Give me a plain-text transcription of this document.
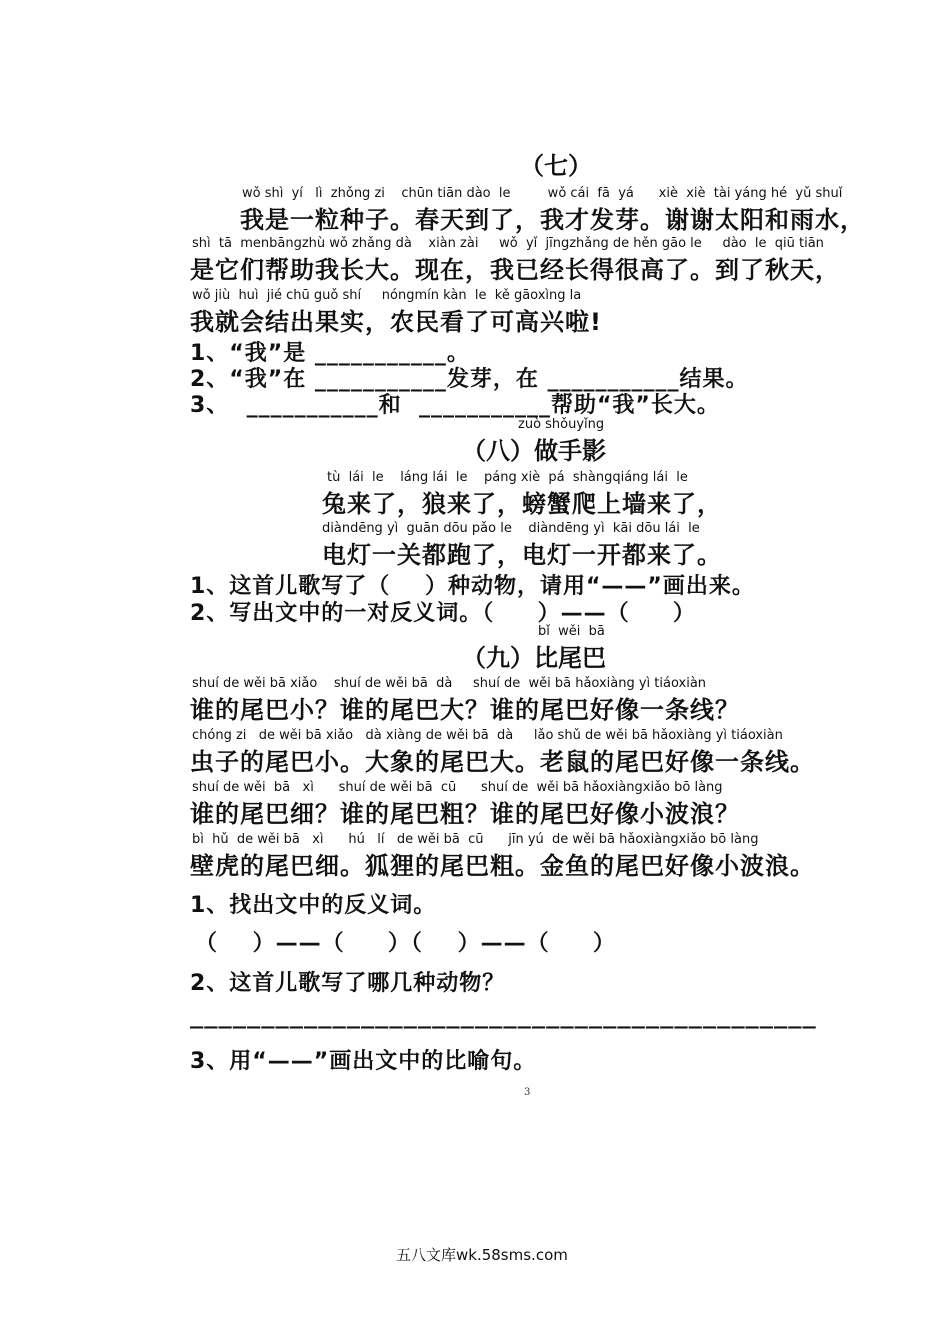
（七）
wǒ shì  yí   lì  zhǒng zi    chūn tiān dào  le         wǒ cái  fā  yá      xiè  xiè  tài yáng hé  yǔ shuǐ
我是一粒种子。春天到了，我才发芽。谢谢太阳和雨水，
shì  tā  menbāngzhù wǒ zhǎng dà    xiàn zài     wǒ  yǐ  jīngzhǎng de hěn gāo le     dào  le  qiū tiān
是它们帮助我长大。现在，我已经长得很高了。到了秋天，
wǒ jiù  huì  jié chū guǒ shí     nóngmín kàn  le  kě gāoxìng la
我就会结出果实，农民看了可高兴啦!
1、“我”是 ___________。
2、“我”在 ___________发芽，在 ___________结果。
3、  ___________和  ___________帮助“我”长大。
zuò shǒuyǐng
（八）做手影
tù  lái  le    láng lái  le    páng xiè  pá  shàngqiáng lái  le
兔来了，狼来了，螃蟹爬上墙来了，
diàndēng yì  guān dōu pǎo le    diàndēng yì  kāi dōu lái  le
电灯一关都跑了，电灯一开都来了。
1、这首儿歌写了（    ）种动物，请用“——”画出来。
2、写出文中的一对反义词。（     ）——（     ）
bǐ  wěi  bā
（九）比尾巴
shuí de wěi bā xiǎo    shuí de wěi bā  dà     shuí de  wěi bā hǎoxiàng yì tiáoxiàn
谁的尾巴小？谁的尾巴大？谁的尾巴好像一条线？
chóng zi   de wěi bā xiǎo   dà xiàng de wěi bā  dà     lǎo shǔ de wěi bā hǎoxiàng yì tiáoxiàn
虫子的尾巴小。大象的尾巴大。老鼠的尾巴好像一条线。
shuí de wěi  bā   xì      shuí de wěi bā  cū      shuí de  wěi bā hǎoxiàngxiǎo bō làng
谁的尾巴细？谁的尾巴粗？谁的尾巴好像小波浪？
bì  hǔ  de wěi bā   xì      hú   lí   de wěi bā  cū      jīn yú  de wěi bā hǎoxiàngxiǎo bō làng
壁虎的尾巴细。狐狸的尾巴粗。金鱼的尾巴好像小波浪。
1、找出文中的反义词。
（    ）——（     ）（    ）——（     ）
2、这首儿歌写了哪几种动物？
____________________________________________
3、用“——”画出文中的比喻句。
3
五八文库wk.58sms.com
